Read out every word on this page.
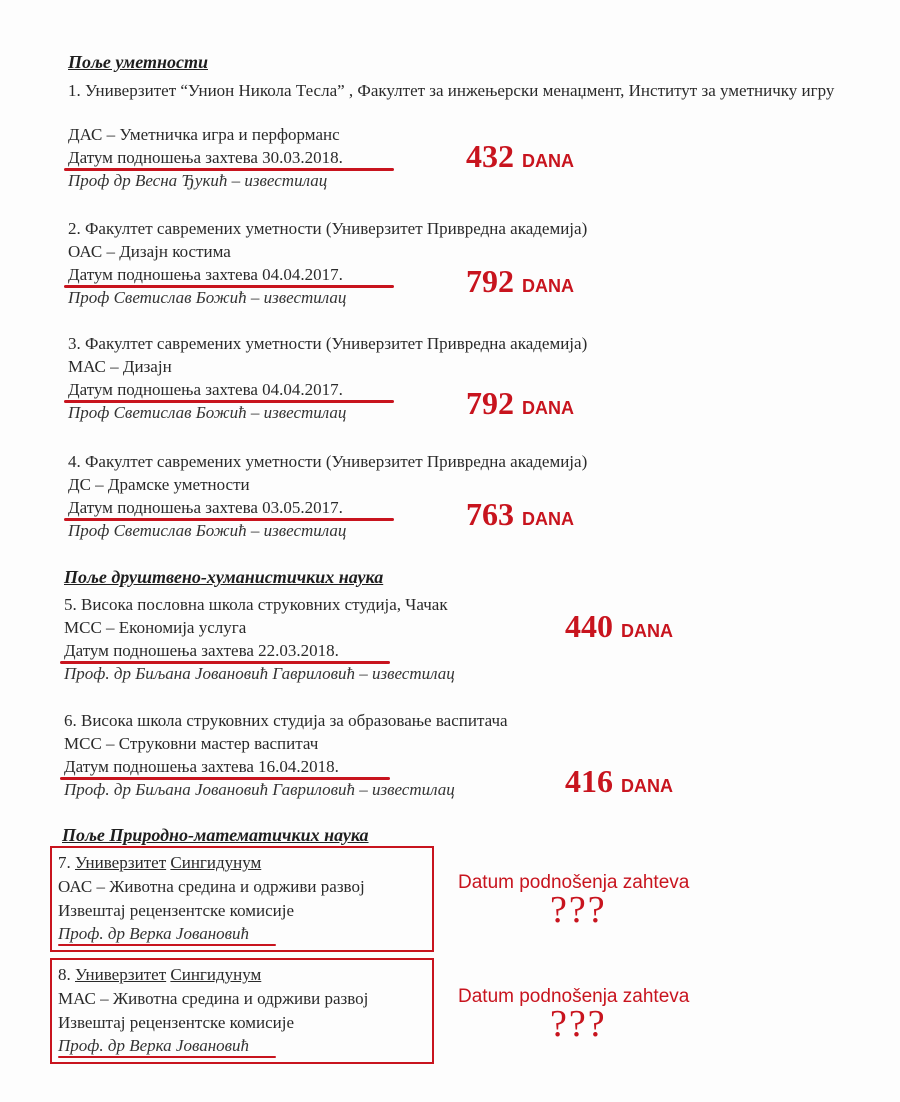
Поље уметности
1. Универзитет “Унион Никола Тесла” , Факултет за инжењерски менаџмент, Институт за уметничку игру
ДАС – Уметничка игра и перформанс
Датум подношења захтева 30.03.2018.
Проф др Весна Ђукић – известилац
432 DANA
2. Факултет савремених уметности (Универзитет Привредна академија)
ОАС – Дизајн костима
Датум подношења захтева 04.04.2017.
Проф Светислав Божић – известилац	792 DANA
3. Факултет савремених уметности (Универзитет Привредна академија)
МАС – Дизајн
Датум подношења захтева 04.04.2017.
Проф Светислав Божић – известилац	792 DANA
4. Факултет савремених уметности (Универзитет Привредна академија)
ДС – Драмске уметности
Датум подношења захтева 03.05.2017.
Проф Светислав Божић – известилац	763 DANA
Поље друштвено-хуманистичких наука
5. Висока пословна школа струковних студија, Чачак
МСС – Економија услуга
Датум подношења захтева 22.03.2018.
Проф. др Биљана Јовановић Гавриловић – известилац
440 DANA
6. Висока школа струковних студија за образовање васпитача
МСС – Струковни мастер васпитач
Датум подношења захтева 16.04.2018.
Проф. др Биљана Јовановић Гавриловић – известилац	416 DANA
Поље Природно-математичких наука
7. Универзитет Сингидунум
ОАС – Животна средина и одрживи развој
Извештај рецензентске комисије
Проф. др Верка Јовановић
Datum podnošenja zahteva
???
8. Универзитет Сингидунум
МАС – Животна средина и одрживи развој
Извештај рецензентске комисије
Проф. др Верка Јовановић
Datum podnošenja zahteva
???
